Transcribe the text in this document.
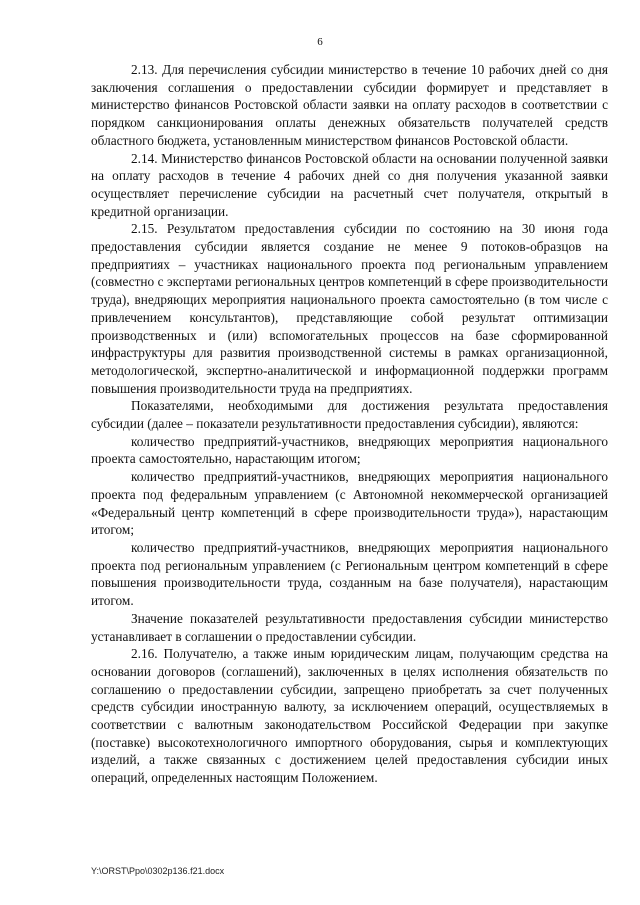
6

2.13. Для перечисления субсидии министерство в течение 10 рабочих дней со дня заключения соглашения о предоставлении субсидии формирует и представляет в министерство финансов Ростовской области заявки на оплату расходов в соответствии с порядком санкционирования оплаты денежных обязательств получателей средств областного бюджета, установленным министерством финансов Ростовской области.

2.14. Министерство финансов Ростовской области на основании полученной заявки на оплату расходов в течение 4 рабочих дней со дня получения указанной заявки осуществляет перечисление субсидии на расчетный счет получателя, открытый в кредитной организации.

2.15. Результатом предоставления субсидии по состоянию на 30 июня года предоставления субсидии является создание не менее 9 потоков-образцов на предприятиях – участниках национального проекта под региональным управлением (совместно с экспертами региональных центров компетенций в сфере производительности труда), внедряющих мероприятия национального проекта самостоятельно (в том числе с привлечением консультантов), представляющие собой результат оптимизации производственных и (или) вспомогательных процессов на базе сформированной инфраструктуры для развития производственной системы в рамках организационной, методологической, экспертно-аналитической и информационной поддержки программ повышения производительности труда на предприятиях.

Показателями, необходимыми для достижения результата предоставления субсидии (далее – показатели результативности предоставления субсидии), являются:

количество предприятий-участников, внедряющих мероприятия национального проекта самостоятельно, нарастающим итогом;

количество предприятий-участников, внедряющих мероприятия национального проекта под федеральным управлением (с Автономной некоммерческой организацией «Федеральный центр компетенций в сфере производительности труда»), нарастающим итогом;

количество предприятий-участников, внедряющих мероприятия национального проекта под региональным управлением (с Региональным центром компетенций в сфере повышения производительности труда, созданным на базе получателя), нарастающим итогом.

Значение показателей результативности предоставления субсидии министерство устанавливает в соглашении о предоставлении субсидии.

2.16. Получателю, а также иным юридическим лицам, получающим средства на основании договоров (соглашений), заключенных в целях исполнения обязательств по соглашению о предоставлении субсидии, запрещено приобретать за счет полученных средств субсидии иностранную валюту, за исключением операций, осуществляемых в соответствии с валютным законодательством Российской Федерации при закупке (поставке) высокотехнологичного импортного оборудования, сырья и комплектующих изделий, а также связанных с достижением целей предоставления субсидии иных операций, определенных настоящим Положением.

Y:\ORST\Ppo\0302p136.f21.docx
